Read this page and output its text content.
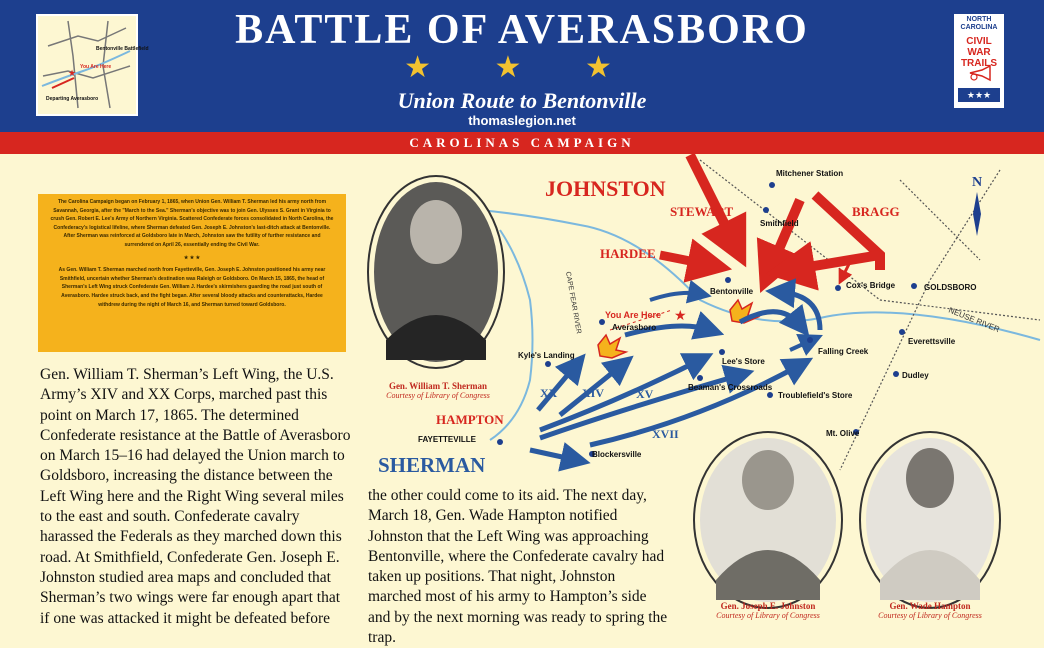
BATTLE OF AVERASBORO
★ ★ ★
Union Route to Bentonville
thomaslegion.net
CAROLINAS CAMPAIGN
Bentonville Battlefield
You Are Here
Departing Averasboro
★
NORTH CAROLINA
CIVIL WAR TRAILS
★★★

The Carolina Campaign began on February 1, 1865, when Union Gen. William T. Sherman led his army north from Savannah, Georgia, after the "March to the Sea." Sherman's objective was to join Gen. Ulysses S. Grant in Virginia to crush Gen. Robert E. Lee's Army of Northern Virginia. Scattered Confederate forces consolidated in North Carolina, the Confederacy's logistical lifeline, where Sherman defeated Gen. Joseph E. Johnston's last-ditch attack at Bentonville. After Sherman was reinforced at Goldsboro late in March, Johnston saw the futility of further resistance and surrendered on April 26, essentially ending the Civil War.

★ ★ ★

As Gen. William T. Sherman marched north from Fayetteville, Gen. Joseph E. Johnston positioned his army near Smithfield, uncertain whether Sherman's destination was Raleigh or Goldsboro. On March 15, 1865, the head of Sherman's Left Wing struck Confederate Gen. William J. Hardee's skirmishers guarding the road just south of Averasboro. Hardee struck back, and the fight began. After several bloody attacks and counterattacks, Hardee withdrew during the night of March 16, and Sherman turned toward Goldsboro.

Gen. William T. Sherman’s Left Wing, the U.S. Army’s XIV and XX Corps, marched past this point on March 17, 1865. The determined Confederate resistance at the Battle of Averasboro on March 15–16 had delayed the Union march to Goldsboro, increasing the distance between the Left Wing here and the Right Wing several miles to the east and south. Confederate cavalry harassed the Federals as they marched down this road. At Smithfield, Confederate Gen. Joseph E. Johnston studied area maps and concluded that Sherman’s two wings were far enough apart that if one was attacked it might be defeated before
the other could come to its aid. The next day, March 18, Gen. Wade Hampton notified Johnston that the Left Wing was approaching Bentonville, where the Confederate cavalry had taken up positions. That night, Johnston marched most of his army to Hampton’s side and by the next morning was ready to spring the trap.
JOHNSTON
STEWART
HARDEE
BRAGG
HAMPTON
SHERMAN
XX XIV	XV
XVII
Mitchener Station
Smithfield
Bentonville
Cox's Bridge	GOLDSBORO
Averasboro
Kyle's Landing
Lee's Store
Falling Creek
Everettsville
Dudley
Beaman's Crossroads
Troublefield's Store
Mt. Olive
FAYETTEVILLE
Blockersville
You Are Here ★
CAPE FEAR RIVER	NEUSE RIVER
N
Gen. William T. Sherman
Courtesy of Library of Congress
Gen. Joseph E. Johnston
Courtesy of Library of Congress
Gen. Wade Hampton
Courtesy of Library of Congress
